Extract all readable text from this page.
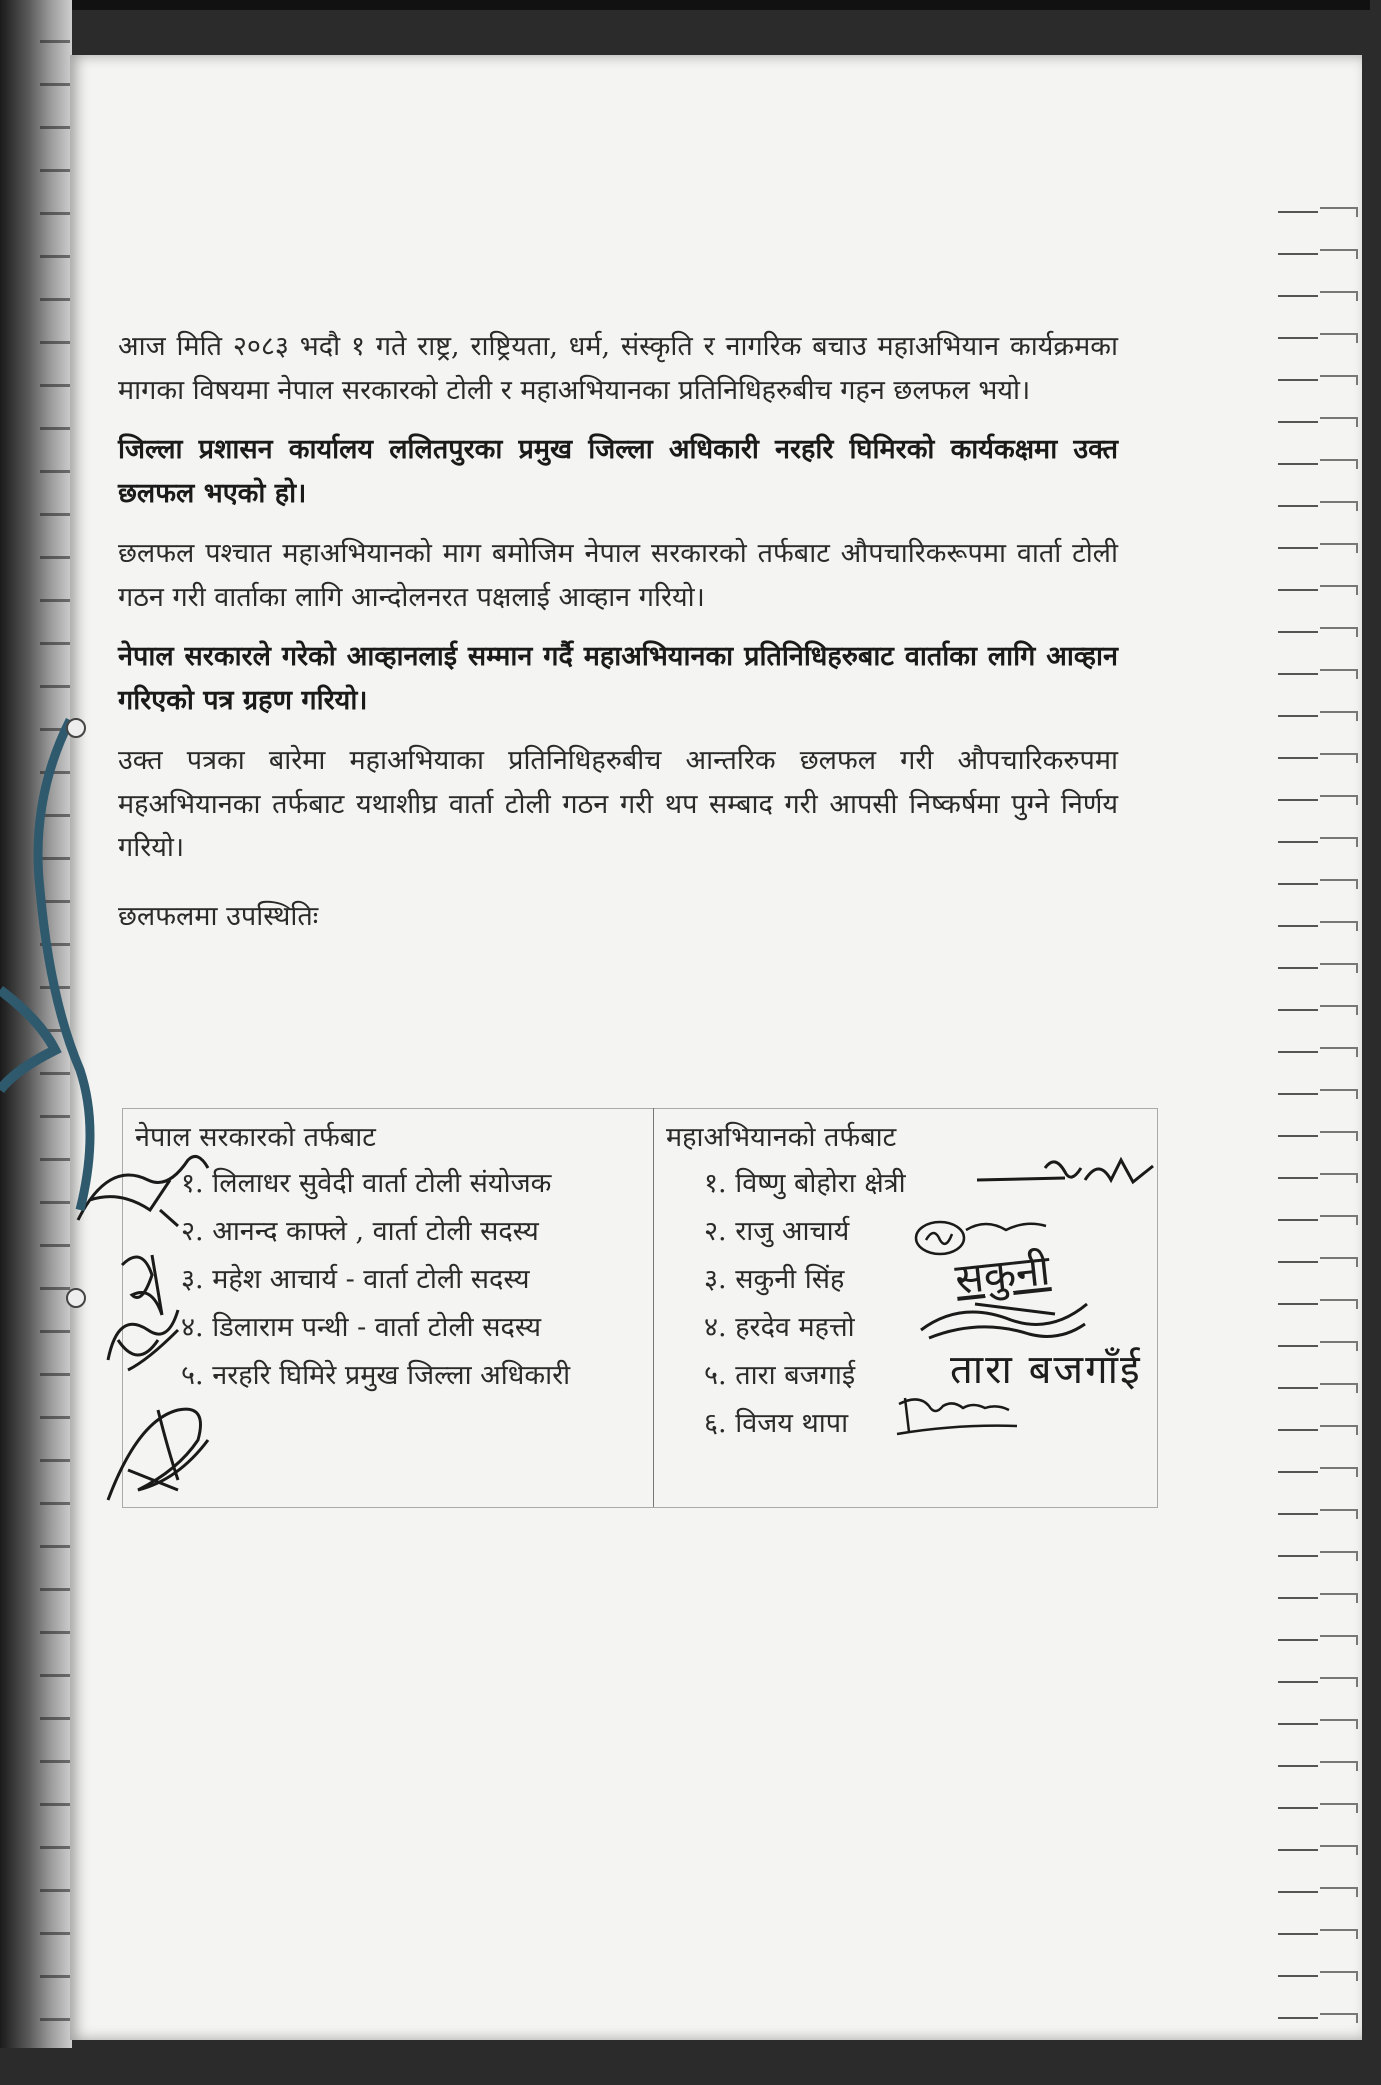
आज मिति २०८३ भदौ १ गते राष्ट्र, राष्ट्रियता, धर्म, संस्कृति र नागरिक बचाउ महाअभियान कार्यक्रमका मागका विषयमा नेपाल सरकारको टोली र महाअभियानका प्रतिनिधिहरुबीच गहन छलफल भयो।

जिल्ला प्रशासन कार्यालय ललितपुरका प्रमुख जिल्ला अधिकारी नरहरि घिमिरको कार्यकक्षमा उक्त छलफल भएको हो।

छलफल पश्चात महाअभियानको माग बमोजिम नेपाल सरकारको तर्फबाट औपचारिकरूपमा वार्ता टोली गठन गरी वार्ताका लागि आन्दोलनरत पक्षलाई आव्हान गरियो।

नेपाल सरकारले गरेको आव्हानलाई सम्मान गर्दै महाअभियानका प्रतिनिधिहरुबाट वार्ताका लागि आव्हान गरिएको पत्र ग्रहण गरियो।

उक्त पत्रका बारेमा महाअभियाका प्रतिनिधिहरुबीच आन्तरिक छलफल गरी औपचारिकरुपमा महअभियानका तर्फबाट यथाशीघ्र वार्ता टोली गठन गरी थप सम्बाद गरी आपसी निष्कर्षमा पुग्ने निर्णय गरियो।

छलफलमा उपस्थितिः
नेपाल सरकारको तर्फबाट
१. लिलाधर सुवेदी वार्ता टोली संयोजक
२. आनन्द काफ्ले , वार्ता टोली सदस्य
३. महेश आचार्य - वार्ता टोली सदस्य
४. डिलाराम पन्थी - वार्ता टोली सदस्य
५. नरहरि घिमिरे प्रमुख जिल्ला अधिकारी

महाअभियानको तर्फबाट
१. विष्णु बोहोरा क्षेत्री
२. राजु आचार्य
३. सकुनी सिंह
४. हरदेव महत्तो
५. तारा बजगाई
६. विजय थापा
सकुनी
तारा बजगाँई
